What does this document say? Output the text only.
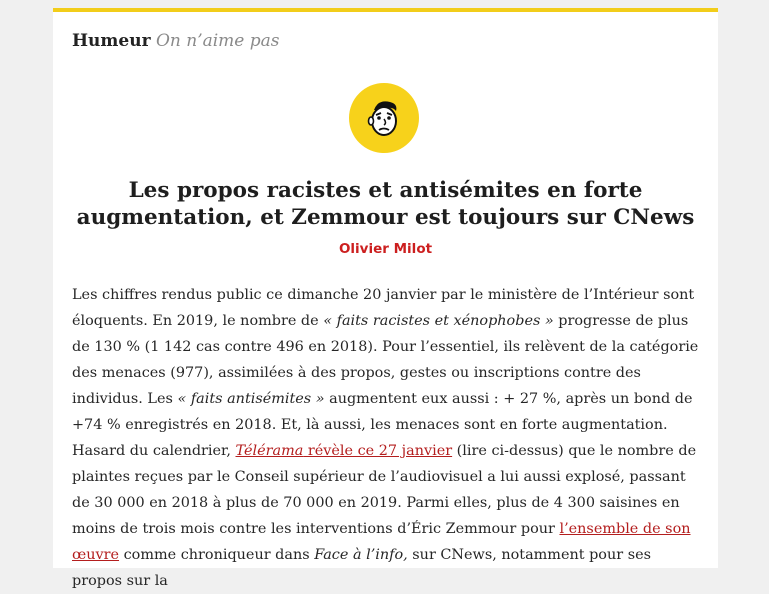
Humeur On n’aime pas
Les propos racistes et antisémites en forte augmentation, et Zemmour est toujours sur CNews
Olivier Milot

Les chiffres rendus public ce dimanche 20 janvier par le ministère de l’Intérieur sont éloquents. En 2019, le nombre de « faits racistes et xénophobes » progresse de plus de 130 % (1 142 cas contre 496 en 2018). Pour l’essentiel, ils relèvent de la catégorie des menaces (977), assimilées à des propos, gestes ou inscriptions contre des individus. Les « faits antisémites » augmentent eux aussi : + 27 %, après un bond de +74 % enregistrés en 2018. Et, là aussi, les menaces sont en forte augmentation. Hasard du calendrier, Télérama révèle ce 27 janvier (lire ci-dessus) que le nombre de plaintes reçues par le Conseil supérieur de l’audiovisuel a lui aussi explosé, passant de 30 000 en 2018 à plus de 70 000 en 2019. Parmi elles, plus de 4 300 saisines en moins de trois mois contre les interventions d’Éric Zemmour pour l’ensemble de son œuvre comme chroniqueur dans Face à l’info, sur CNews, notamment pour ses propos sur la
